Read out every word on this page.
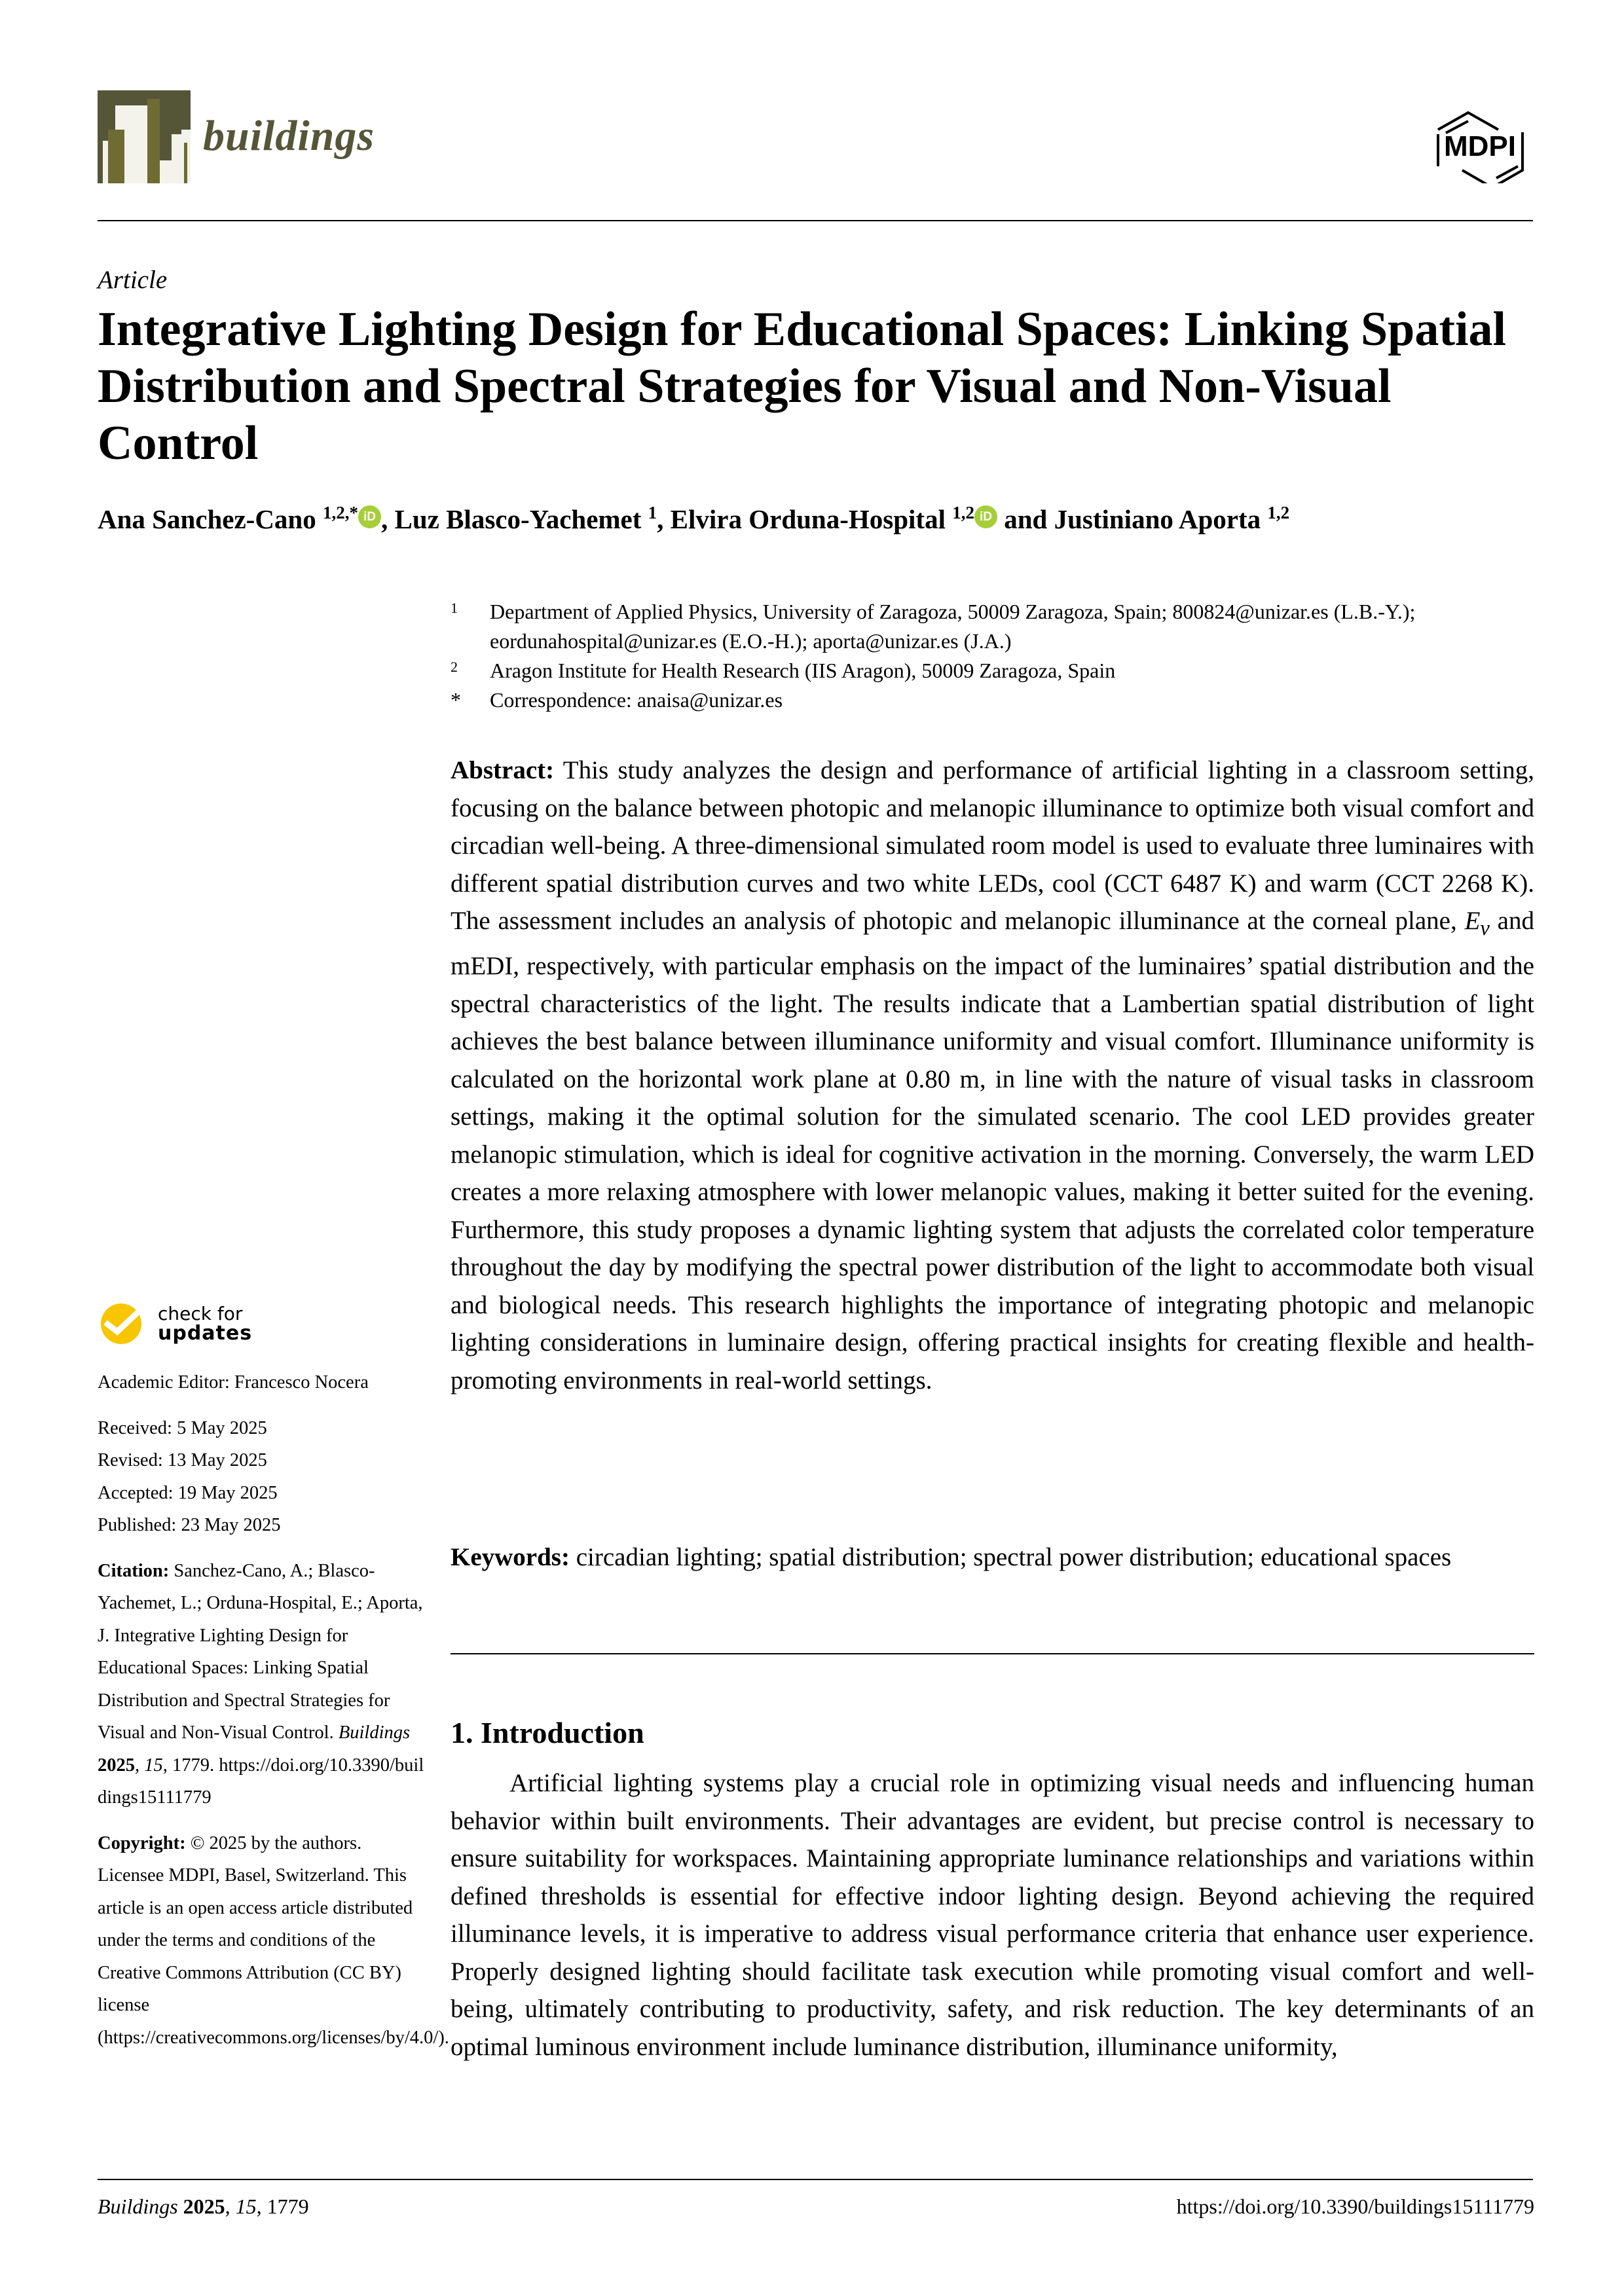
buildings	MDPI
Article
Integrative Lighting Design for Educational Spaces: Linking Spatial Distribution and Spectral Strategies for Visual and Non-Visual Control
Ana Sanchez-Cano $^{1,2,*}$ iD , Luz Blasco-Yachemet $^1$, Elvira Orduna-Hospital $^{1,2}$ iD and Justiniano Aporta $^{1,2}$
1	Department of Applied Physics, University of Zaragoza, 50009 Zaragoza, Spain; 800824@unizar.es (L.B.-Y.); eordunahospital@unizar.es (E.O.-H.); aporta@unizar.es (J.A.)
2	Aragon Institute for Health Research (IIS Aragon), 50009 Zaragoza, Spain
*	Correspondence: anaisa@unizar.es
check for
updates
Academic Editor: Francesco Nocera
Received: 5 May 2025
Revised: 13 May 2025
Accepted: 19 May 2025
Published: 23 May 2025
Citation: Sanchez-Cano, A.; Blasco-Yachemet, L.; Orduna-Hospital, E.; Aporta, J. Integrative Lighting Design for Educational Spaces: Linking Spatial Distribution and Spectral Strategies for Visual and Non-Visual Control. Buildings 2025, 15, 1779. https://doi.org/10.3390/buildings15111779
Copyright: © 2025 by the authors. Licensee MDPI, Basel, Switzerland. This article is an open access article distributed under the terms and conditions of the Creative Commons Attribution (CC BY) license (https://creativecommons.org/licenses/by/4.0/).
Abstract: This study analyzes the design and performance of artificial lighting in a classroom setting, focusing on the balance between photopic and melanopic illuminance to optimize both visual comfort and circadian well-being. A three-dimensional simulated room model is used to evaluate three luminaires with different spatial distribution curves and two white LEDs, cool (CCT 6487 K) and warm (CCT 2268 K). The assessment includes an analysis of photopic and melanopic illuminance at the corneal plane, $E_v$ and mEDI, respectively, with particular emphasis on the impact of the luminaires’ spatial distribution and the spectral characteristics of the light. The results indicate that a Lambertian spatial distribution of light achieves the best balance between illuminance uniformity and visual comfort. Illuminance uniformity is calculated on the horizontal work plane at 0.80 m, in line with the nature of visual tasks in classroom settings, making it the optimal solution for the simulated scenario. The cool LED provides greater melanopic stimulation, which is ideal for cognitive activation in the morning. Conversely, the warm LED creates a more relaxing atmosphere with lower melanopic values, making it better suited for the evening. Furthermore, this study proposes a dynamic lighting system that adjusts the correlated color temperature throughout the day by modifying the spectral power distribution of the light to accommodate both visual and biological needs. This research highlights the importance of integrating photopic and melanopic lighting considerations in luminaire design, offering practical insights for creating flexible and health-promoting environments in real-world settings.
Keywords: circadian lighting; spatial distribution; spectral power distribution; educational spaces
1. Introduction
Artificial lighting systems play a crucial role in optimizing visual needs and influencing human behavior within built environments. Their advantages are evident, but precise control is necessary to ensure suitability for workspaces. Maintaining appropriate luminance relationships and variations within defined thresholds is essential for effective indoor lighting design. Beyond achieving the required illuminance levels, it is imperative to address visual performance criteria that enhance user experience. Properly designed lighting should facilitate task execution while promoting visual comfort and well-being, ultimately contributing to productivity, safety, and risk reduction. The key determinants of an optimal luminous environment include luminance distribution, illuminance uniformity,
Buildings 2025, 15, 1779	https://doi.org/10.3390/buildings15111779
